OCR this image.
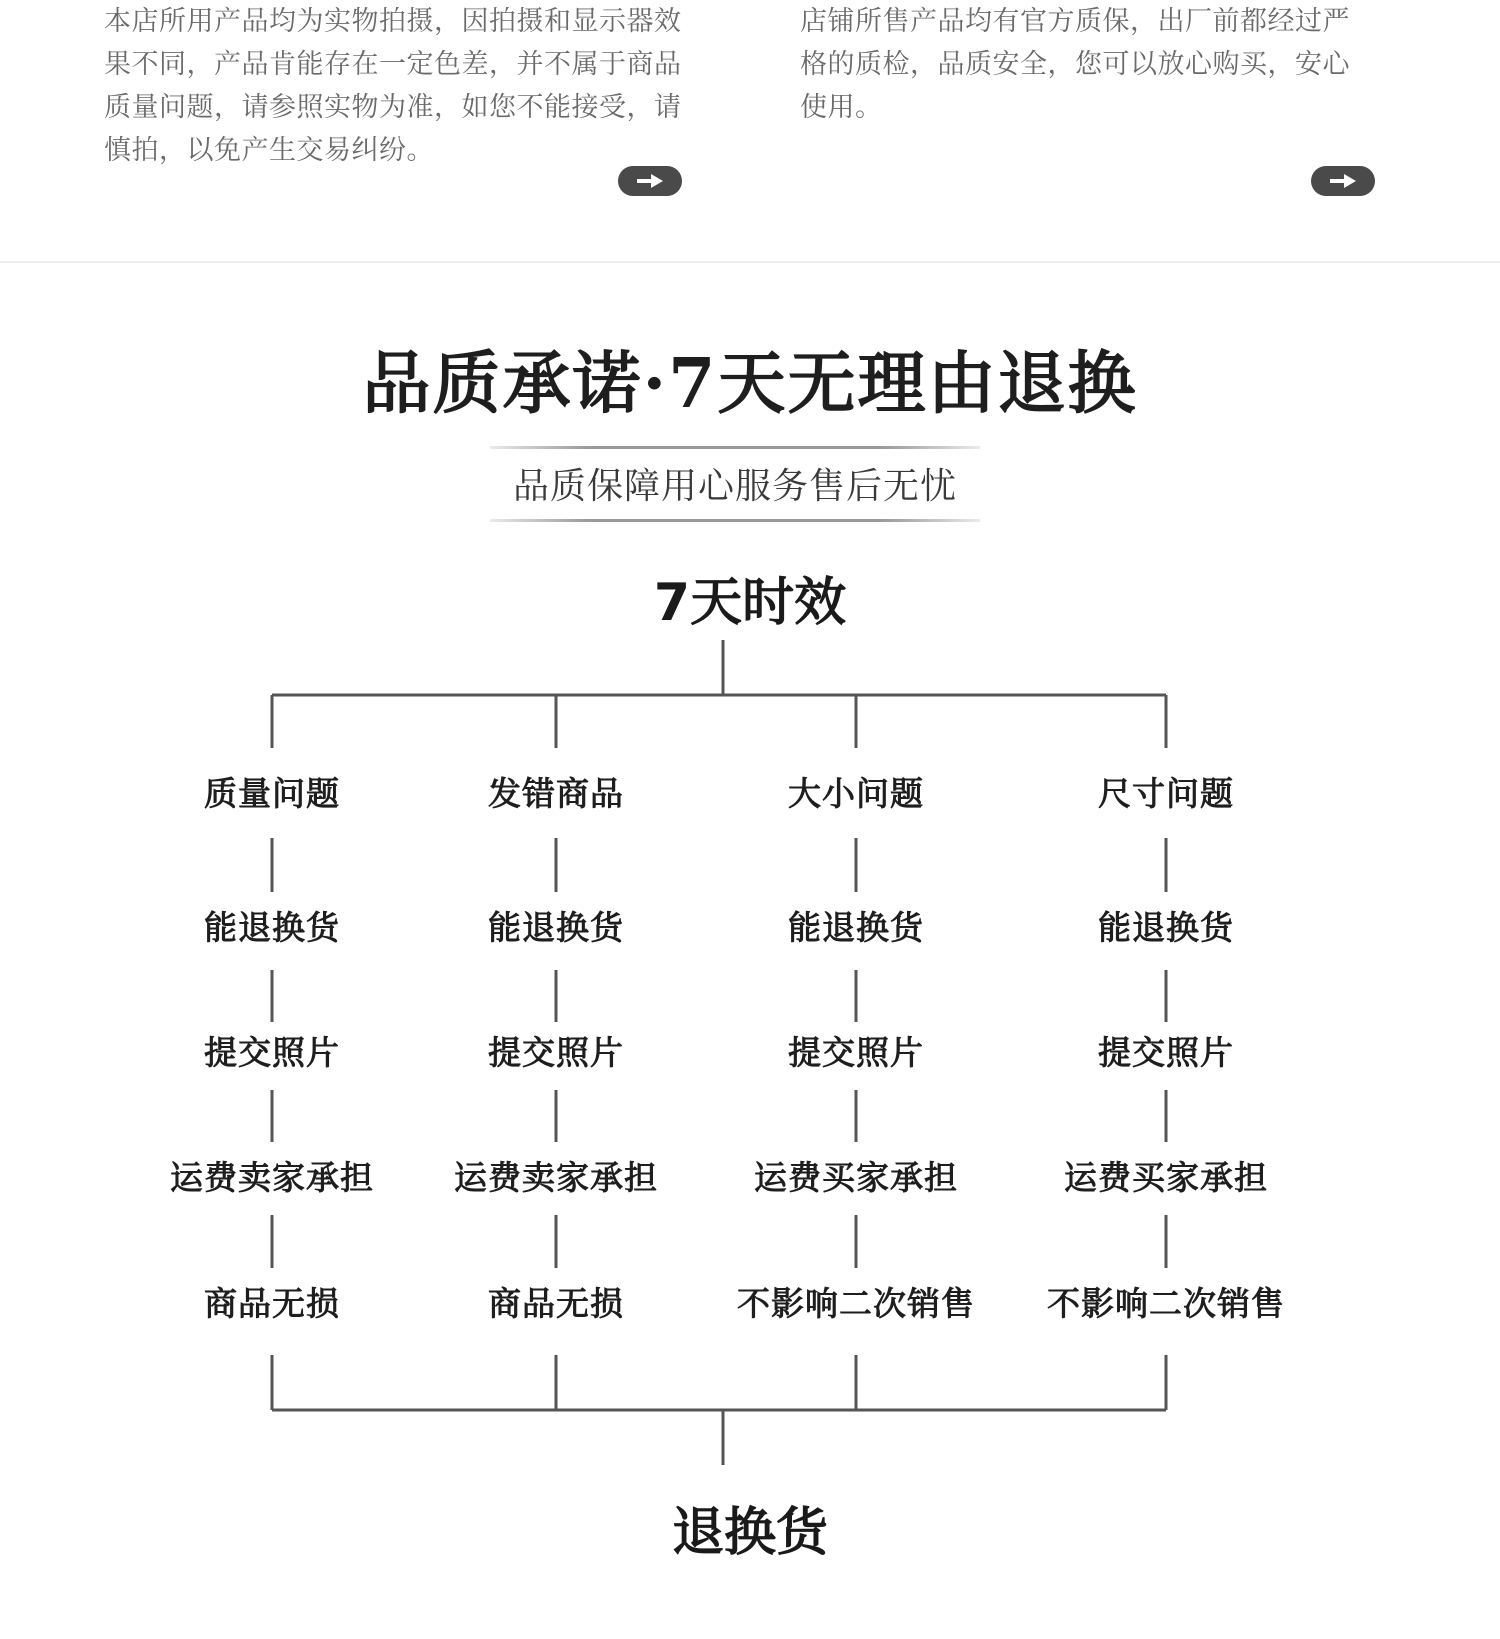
本店所用产品均为实物拍摄，因拍摄和显示器效果不同，产品肯能存在一定色差，并不属于商品质量问题，请参照实物为准，如您不能接受，请慎拍，以免产生交易纠纷。
店铺所售产品均有官方质保，出厂前都经过严格的质检，品质安全，您可以放心购买，安心使用。
品质承诺·7天无理由退换
品质保障用心服务售后无忧
7天时效
质量问题
能退换货
提交照片
运费卖家承担
商品无损
发错商品
能退换货
提交照片
运费卖家承担
商品无损
大小问题
能退换货
提交照片
运费买家承担
不影响二次销售
尺寸问题
能退换货
提交照片
运费买家承担
不影响二次销售
退换货
